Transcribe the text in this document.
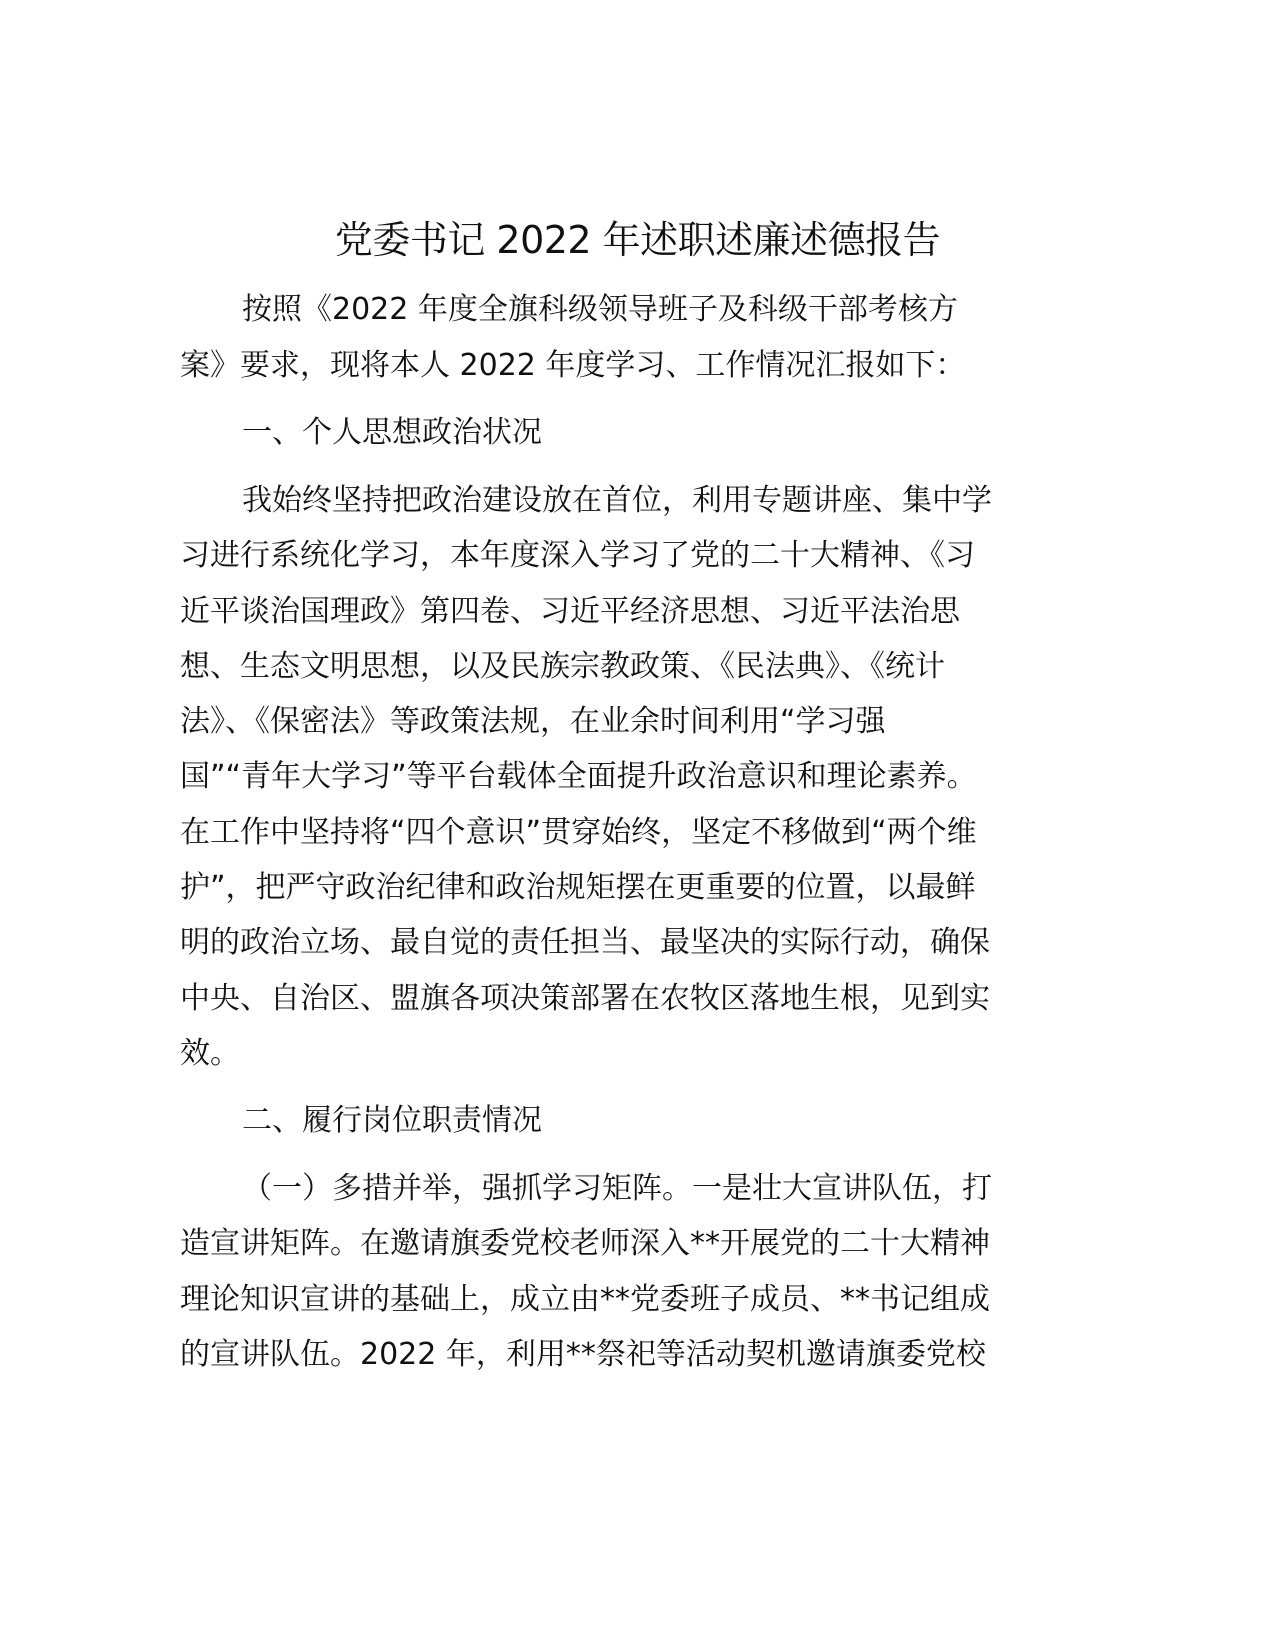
党委书记 2022 年述职述廉述德报告
按照《2022 年度全旗科级领导班子及科级干部考核方
案》要求，现将本人 2022 年度学习、工作情况汇报如下：
一、个人思想政治状况
我始终坚持把政治建设放在首位，利用专题讲座、集中学
习进行系统化学习，本年度深入学习了党的二十大精神、《习
近平谈治国理政》第四卷、习近平经济思想、习近平法治思
想、生态文明思想，以及民族宗教政策、《民法典》、《统计
法》、《保密法》等政策法规，在业余时间利用“学习强
国”“青年大学习”等平台载体全面提升政治意识和理论素养。
在工作中坚持将“四个意识”贯穿始终，坚定不移做到“两个维
护”，把严守政治纪律和政治规矩摆在更重要的位置，以最鲜
明的政治立场、最自觉的责任担当、最坚决的实际行动，确保
中央、自治区、盟旗各项决策部署在农牧区落地生根，见到实
效。
二、履行岗位职责情况
（一）多措并举，强抓学习矩阵。一是壮大宣讲队伍，打
造宣讲矩阵。在邀请旗委党校老师深入**开展党的二十大精神
理论知识宣讲的基础上，成立由**党委班子成员、**书记组成
的宣讲队伍。2022 年，利用**祭祀等活动契机邀请旗委党校
